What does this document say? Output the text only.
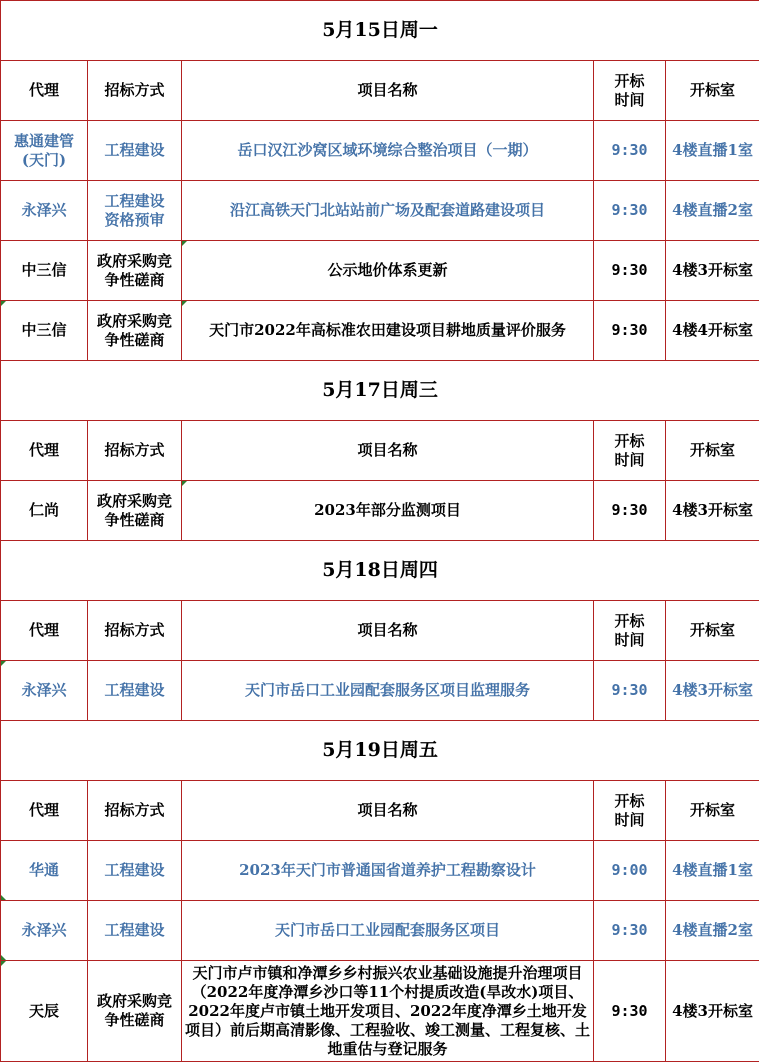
5月15日周一				
代理	招标方式	项目名称	开标时间	开标室
惠通建管(天门)	工程建设	岳口汉江沙窝区域环境综合整治项目（一期）	9:30	4楼直播1室
永泽兴	工程建设资格预审	沿江高铁天门北站站前广场及配套道路建设项目	9:30	4楼直播2室
中三信	政府采购竞争性磋商	公示地价体系更新	9:30	4楼3开标室
中三信	政府采购竞争性磋商	天门市2022年高标准农田建设项目耕地质量评价服务	9:30	4楼4开标室
5月17日周三				
代理	招标方式	项目名称	开标时间	开标室
仁尚	政府采购竞争性磋商	2023年部分监测项目	9:30	4楼3开标室
5月18日周四				
代理	招标方式	项目名称	开标时间	开标室
永泽兴	工程建设	天门市岳口工业园配套服务区项目监理服务	9:30	4楼3开标室
5月19日周五				
代理	招标方式	项目名称	开标时间	开标室
华通	工程建设	2023年天门市普通国省道养护工程勘察设计	9:00	4楼直播1室
永泽兴	工程建设	天门市岳口工业园配套服务区项目	9:30	4楼直播2室
天辰	政府采购竞争性磋商	天门市卢市镇和净潭乡乡村振兴农业基础设施提升治理项目（2022年度净潭乡沙口等11个村提质改造(旱改水)项目、2022年度卢市镇土地开发项目、2022年度净潭乡土地开发项目）前后期高清影像、工程验收、竣工测量、工程复核、土地重估与登记服务	9:30	4楼3开标室
